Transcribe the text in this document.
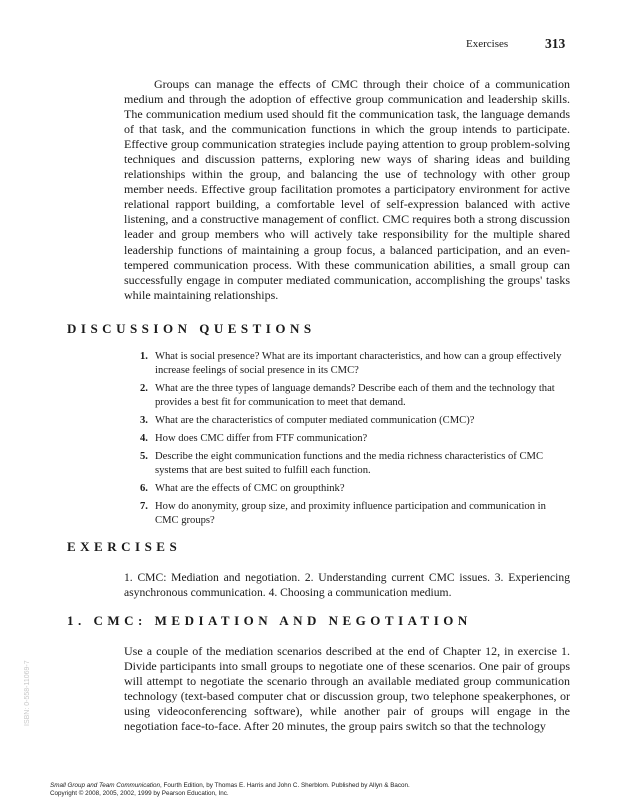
Exercises	313

Groups can manage the effects of CMC through their choice of a communication medium and through the adoption of effective group communication and leadership skills. The communication medium used should fit the communication task, the language demands of that task, and the communication functions in which the group intends to participate. Effective group communication strategies include paying attention to group problem-solving techniques and discussion patterns, exploring new ways of sharing ideas and building relationships within the group, and balancing the use of technology with other group member needs. Effective group facilitation promotes a participatory environment for active relational rapport building, a comfortable level of self-expression balanced with active listening, and a constructive management of conflict. CMC requires both a strong discussion leader and group members who will actively take responsibility for the multiple shared leadership functions of maintaining a group focus, a balanced participation, and an even-tempered communication process. With these communication abilities, a small group can successfully engage in computer mediated communication, accomplishing the groups' tasks while maintaining relationships.

DISCUSSION QUESTIONS
1. What is social presence? What are its important characteristics, and how can a group effectively increase feelings of social presence in its CMC?
2. What are the three types of language demands? Describe each of them and the technology that provides a best fit for communication to meet that demand.
3. What are the characteristics of computer mediated communication (CMC)?
4. How does CMC differ from FTF communication?
5. Describe the eight communication functions and the media richness characteristics of CMC systems that are best suited to fulfill each function.
6. What are the effects of CMC on groupthink?
7. How do anonymity, group size, and proximity influence participation and communication in CMC groups?
EXERCISES

1. CMC: Mediation and negotiation. 2. Understanding current CMC issues. 3. Experiencing asynchronous communication. 4. Choosing a communication medium.

1. CMC: MEDIATION AND NEGOTIATION

Use a couple of the mediation scenarios described at the end of Chapter 12, in exercise 1. Divide participants into small groups to negotiate one of these scenarios. One pair of groups will attempt to negotiate the scenario through an available mediated group communication technology (text-based computer chat or discussion group, two telephone speakerphones, or using videoconferencing software), while another pair of groups will engage in the negotiation face-to-face. After 20 minutes, the group pairs switch so that the technology

ISBN: 0-558-11069-7
Small Group and Team Communication, Fourth Edition, by Thomas E. Harris and John C. Sherblom. Published by Allyn & Bacon.
Copyright © 2008, 2005, 2002, 1999 by Pearson Education, Inc.
